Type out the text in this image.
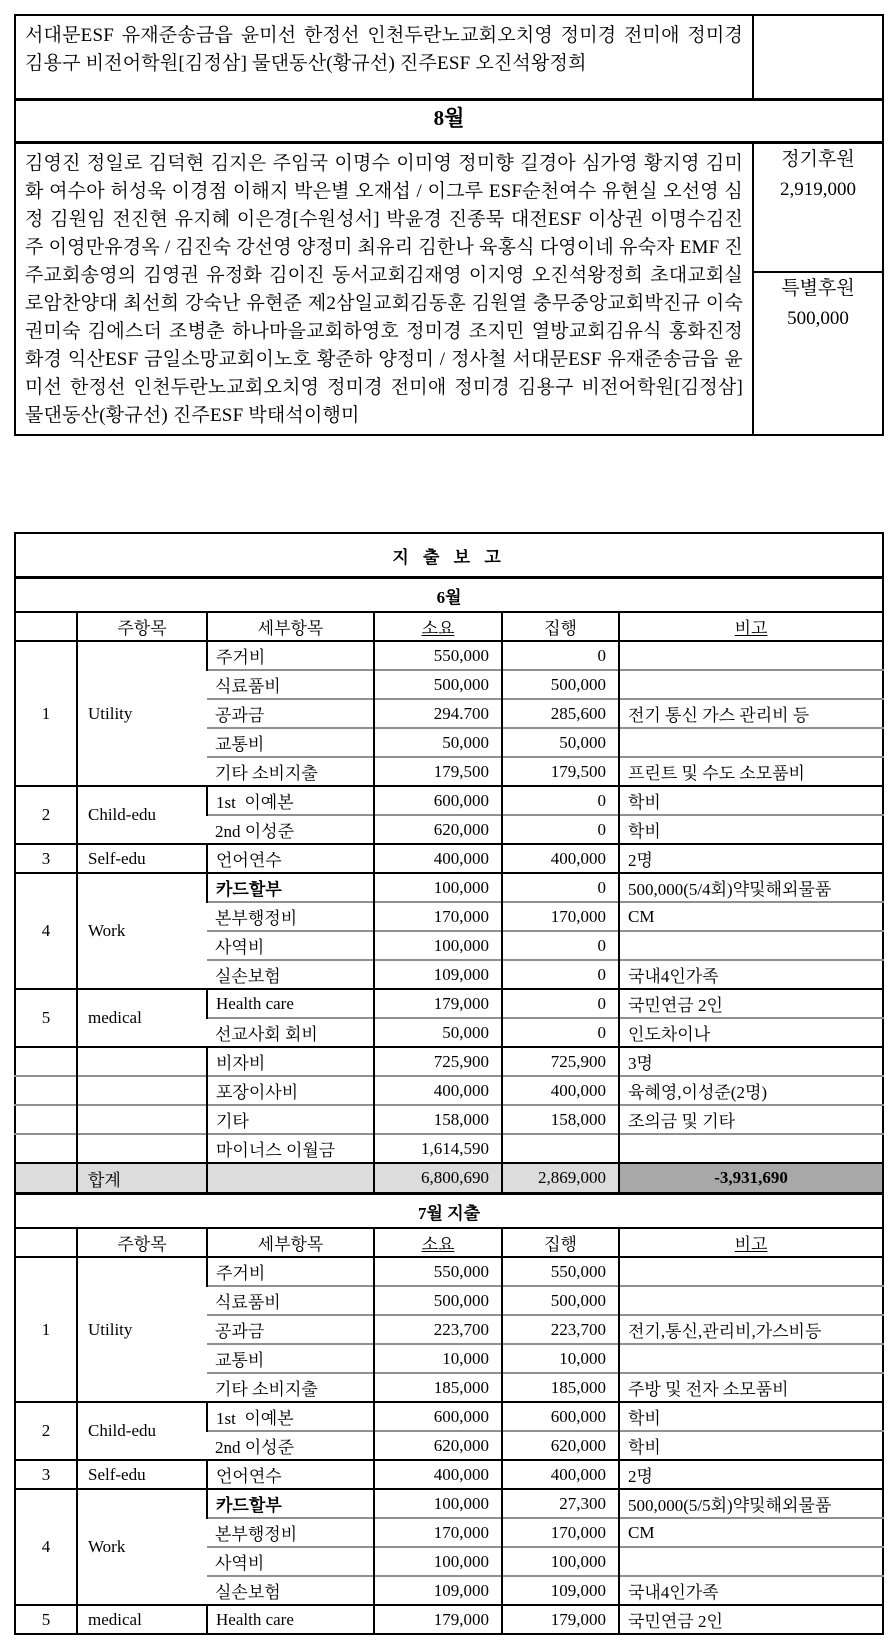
서대문ESF 유재준송금읍 윤미선 한정선 인천두란노교회오치영 정미경 전미애 정미경 김용구 비전어학원[김정삼] 물댄동산(황규선) 진주ESF 오진석왕정희	
8월	
김영진 정일로 김덕현 김지은 주임국 이명수 이미영 정미향 길경아 심가영 황지영 김미화 여수아 허성욱 이경점 이해지 박은별 오재섭 / 이그루 ESF순천여수 유현실 오선영 심정 김원임 전진현 유지혜 이은경[수원성서] 박윤경 진종묵 대전ESF 이상권 이명수김진주 이영만유경옥 / 김진숙 강선영 양정미 최유리 김한나 육홍식 다영이네 유숙자 EMF 진주교회송영의 김영권 유정화 김이진 동서교회김재영 이지영 오진석왕정희 초대교회실로암찬양대 최선희 강숙난 유현준 제2삼일교회김동훈 김원열 충무중앙교회박진규 이숙 권미숙 김에스더 조병춘 하나마을교회하영호 정미경 조지민 열방교회김유식 홍화진정화경 익산ESF 금일소망교회이노호 황준하 양정미 / 정사철 서대문ESF 유재준송금읍 윤미선 한정선 인천두란노교회오치영 정미경 전미애 정미경 김용구 비전어학원[김정삼] 물댄동산(황규선) 진주ESF 박태석이행미	정기후원
2,919,000

	특별후원
500,000
지 출 보 고					
6월					
	주항목	세부항목	소요	집행	비고
1	Utility	주거비	550,000	0	
		식료품비	500,000	500,000	
		공과금	294.700	285,600	전기 통신 가스 관리비 등
		교통비	50,000	50,000	
		기타 소비지출	179,500	179,500	프린트 및 수도 소모품비
2	Child-edu	1st  이예본	600,000	0	학비
		2nd 이성준	620,000	0	학비
3	Self-edu	언어연수	400,000	400,000	2명
4	Work	카드할부	100,000	0	500,000(5/4회)약및해외물품
		본부행정비	170,000	170,000	CM
		사역비	100,000	0	
		실손보험	109,000	0	국내4인가족
5	medical	Health care	179,000	0	국민연금 2인
		선교사회 회비	50,000	0	인도차이나
		비자비	725,900	725,900	3명
		포장이사비	400,000	400,000	육혜영,이성준(2명)
		기타	158,000	158,000	조의금 및 기타
		마이너스 이월금	1,614,590		
	합계		6,800,690	2,869,000	-3,931,690
7월 지출					
	주항목	세부항목	소요	집행	비고
1	Utility	주거비	550,000	550,000	
		식료품비	500,000	500,000	
		공과금	223,700	223,700	전기,통신,관리비,가스비등
		교통비	10,000	10,000	
		기타 소비지출	185,000	185,000	주방 및 전자 소모품비
2	Child-edu	1st  이예본	600,000	600,000	학비
		2nd 이성준	620,000	620,000	학비
3	Self-edu	언어연수	400,000	400,000	2명
4	Work	카드할부	100,000	27,300	500,000(5/5회)약및해외물품
		본부행정비	170,000	170,000	CM
		사역비	100,000	100,000	
		실손보험	109,000	109,000	국내4인가족
5	medical	Health care	179,000	179,000	국민연금 2인
